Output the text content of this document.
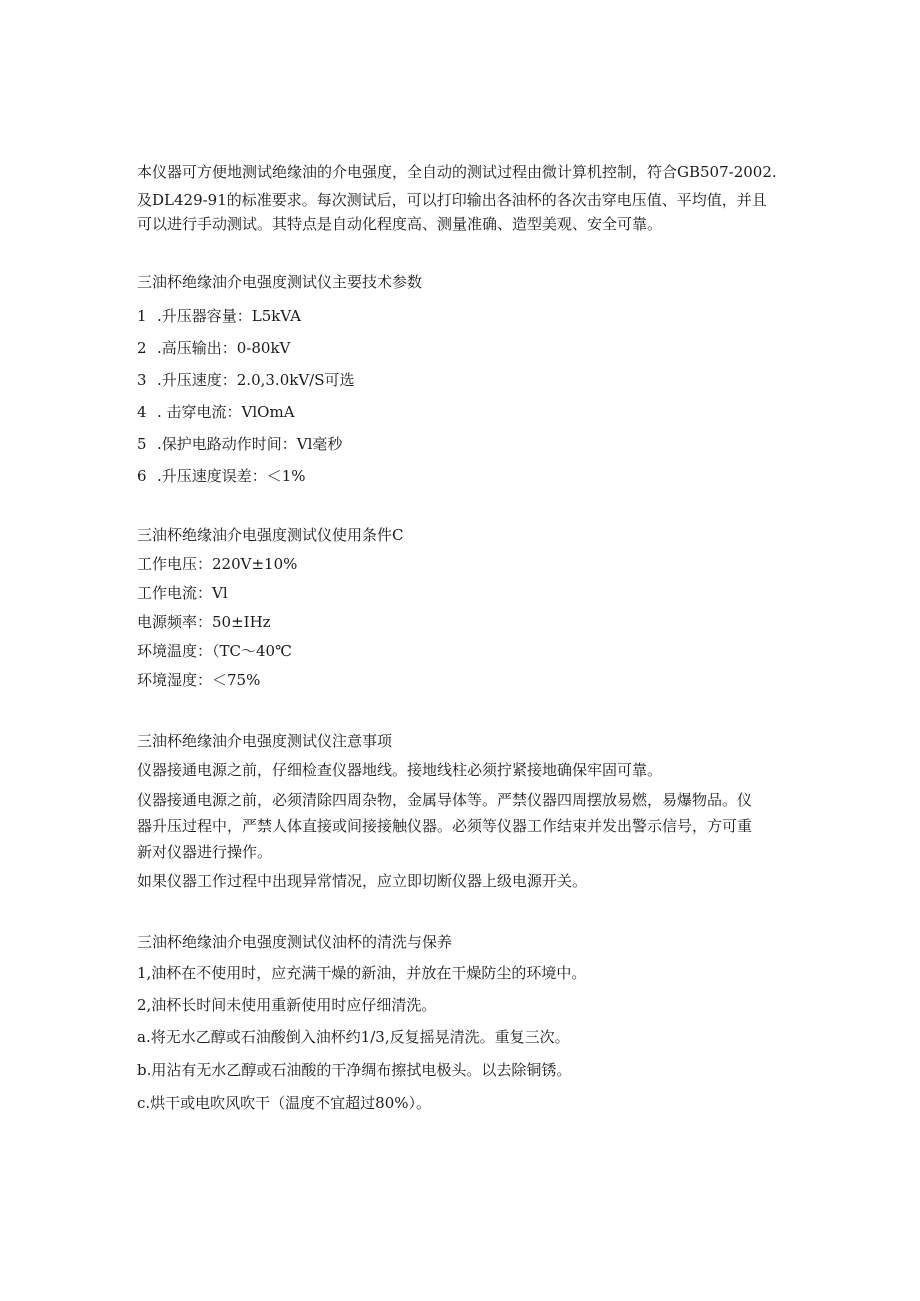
本仪器可方便地测试绝缘油的介电强度，全自动的测试过程由微计算机控制，符合GB507-2002.
及DL429-91的标准要求。每次测试后，可以打印输出各油杯的各次击穿电压值、平均值，并且
可以进行手动测试。其特点是自动化程度高、测量准确、造型美观、安全可靠。
三油杯绝缘油介电强度测试仪主要技术参数
1 .升压器容量：L5kVA
2 .高压输出：0-80kV
3 .升压速度：2.0,3.0kV/S可选
4 . 击穿电流：VlOmA
5 .保护电路动作时间：Vl毫秒
6 .升压速度误差：＜1%
三油杯绝缘油介电强度测试仪使用条件C
工作电压：220V±10%
工作电流：Vl
电源频率：50±IHz
环境温度：（TC～40℃
环境湿度：＜75%
三油杯绝缘油介电强度测试仪注意事项
仪器接通电源之前，仔细检查仪器地线。接地线柱必须拧紧接地确保牢固可靠。
仪器接通电源之前，必须清除四周杂物，金属导体等。严禁仪器四周摆放易燃，易爆物品。仪
器升压过程中，严禁人体直接或间接接触仪器。必须等仪器工作结束并发出警示信号，方可重
新对仪器进行操作。
如果仪器工作过程中出现异常情况，应立即切断仪器上级电源开关。
三油杯绝缘油介电强度测试仪油杯的清洗与保养
1,油杯在不使用时，应充满干燥的新油，并放在干燥防尘的环境中。
2,油杯长时间未使用重新使用时应仔细清洗。
a.将无水乙醇或石油酸倒入油杯约1/3,反复摇晃清洗。重复三次。
b.用沾有无水乙醇或石油酸的干净绸布擦拭电极头。以去除铜锈。
c.烘干或电吹风吹干（温度不宜超过80%）。
